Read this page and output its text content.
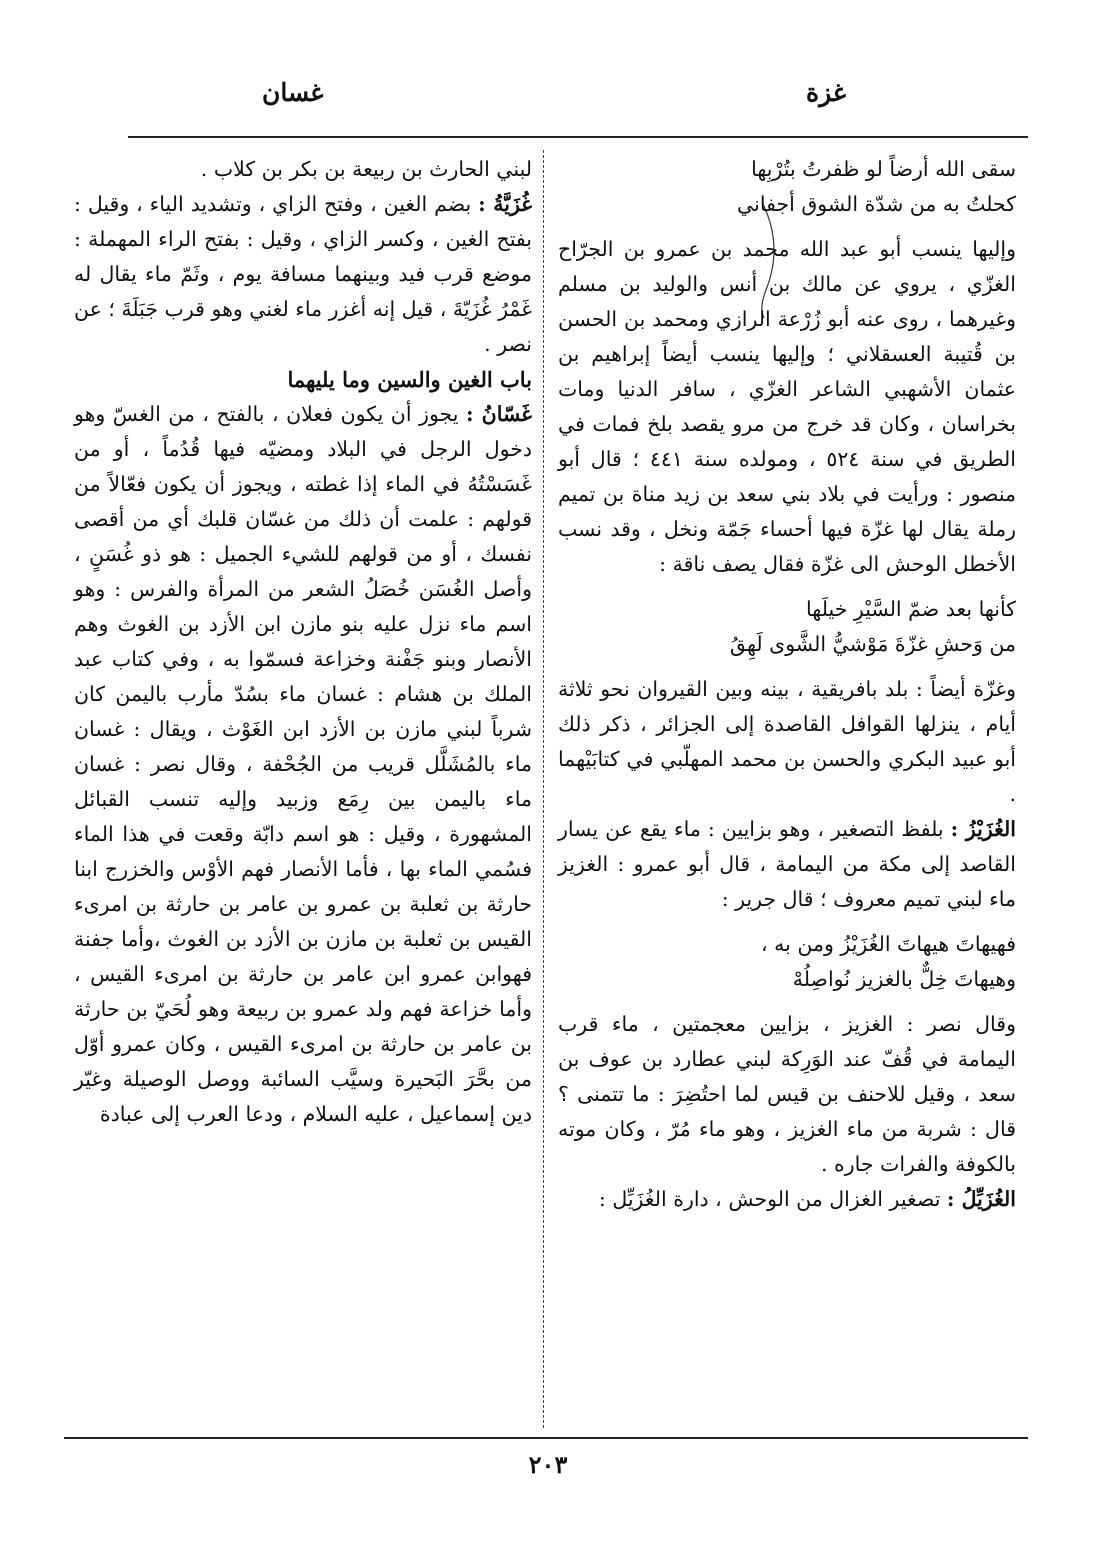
غزة
غسان

سقى الله أرضاً لو ظفرتُ بتُرْبِها

كحلتُ به من شدّة الشوق أجفاني

وإليها ينسب أبو عبد الله محمد بن عمرو بن الجرّاح الغزّي ، يروي عن مالك بن أنس والوليد بن مسلم وغيرهما ، روى عنه أبو زُرْعة الرازي ومحمد بن الحسن بن قُتيبة العسقلاني ؛ وإليها ينسب أيضاً إبراهيم بن عثمان الأشهبي الشاعر الغزّي ، سافر الدنيا ومات بخراسان ، وكان قد خرج من مرو يقصد بلخ فمات في الطريق في سنة ٥٢٤ ، ومولده سنة ٤٤١ ؛ قال أبو منصور : ورأيت في بلاد بني سعد بن زيد مناة بن تميم رملة يقال لها غزّة فيها أحساء جَمّة ونخل ، وقد نسب الأخطل الوحش الى غزّة فقال يصف ناقة :

كأنها بعد ضمّ السَّيْرِ خيلَها

من وَحشِ غزّةَ مَوْشيُّ الشَّوى لَهِقُ

وغزّة أيضاً : بلد بافريقية ، بينه وبين القيروان نحو ثلاثة أيام ، ينزلها القوافل القاصدة إلى الجزائر ، ذكر ذلك أبو عبيد البكري والحسن بن محمد المهلّبي في كتابَيْهما .

الغُزَيْزُ : بلفظ التصغير ، وهو بزايين : ماء يقع عن يسار القاصد إلى مكة من اليمامة ، قال أبو عمرو : الغزيز ماء لبني تميم معروف ؛ قال جرير :

فهيهاتَ هيهاتَ الغُزَيْزُ ومن به ،

وهيهاتَ خِلٌّ بالغزيز نُواصِلُهْ

وقال نصر : الغزيز ، بزايين معجمتين ، ماء قرب اليمامة في قُفّ عند الوَرِكة لبني عطارد بن عوف بن سعد ، وقيل للاحنف بن قيس لما احتُضِرَ : ما تتمنى ؟ قال : شربة من ماء الغزيز ، وهو ماء مُرّ ، وكان موته بالكوفة والفرات جاره .

الغُزَيِّلُ : تصغير الغزال من الوحش ، دارة الغُزَيِّل :

لبني الحارث بن ربيعة بن بكر بن كلاب .

غُزَيَّةُ : بضم الغين ، وفتح الزاي ، وتشديد الياء ، وقيل : بفتح الغين ، وكسر الزاي ، وقيل : بفتح الراء المهملة : موضع قرب فيد وبينهما مسافة يوم ، وثَمّ ماء يقال له غَمْرُ غُزَيّةَ ، قيل إنه أغزر ماء لغني وهو قرب جَبَلَةَ ؛ عن نصر .

باب الغين والسين وما يليهما

غَسّانُ : يجوز أن يكون فعلان ، بالفتح ، من الغسّ وهو دخول الرجل في البلاد ومضيّه فيها قُدُماً ، أو من غَسَسْتُهُ في الماء إذا غطته ، ويجوز أن يكون فعّالاً من قولهم : علمت أن ذلك من غسّان قلبك أي من أقصى نفسك ، أو من قولهم للشيء الجميل : هو ذو غُسَنٍ ، وأصل الغُسَن خُصَلُ الشعر من المرأة والفرس : وهو اسم ماء نزل عليه بنو مازن ابن الأزد بن الغوث وهم الأنصار وبنو جَفْنة وخزاعة فسمّوا به ، وفي كتاب عبد الملك بن هشام : غسان ماء بسُدّ مأرب باليمن كان شرباً لبني مازن بن الأزد ابن الغَوْث ، ويقال : غسان ماء بالمُشَلَّل قريب من الجُحْفة ، وقال نصر : غسان ماء باليمن بين رِمَع وزبيد وإليه تنسب القبائل المشهورة ، وقيل : هو اسم دابّة وقعت في هذا الماء فسُمي الماء بها ، فأما الأنصار فهم الأوْس والخزرج ابنا حارثة بن ثعلبة بن عمرو بن عامر بن حارثة بن امرىء القيس بن ثعلبة بن مازن بن الأزد بن الغوث ،وأما جفنة فهوابن عمرو ابن عامر بن حارثة بن امرىء القيس ، وأما خزاعة فهم ولد عمرو بن ربيعة وهو لُحَيّ بن حارثة بن عامر بن حارثة بن امرىء القيس ، وكان عمرو أوّل من بحَّرَ البَحيرة وسيَّب السائبة ووصل الوصيلة وغيّر دين إسماعيل ، عليه السلام ، ودعا العرب إلى عبادة

٢٠٣
